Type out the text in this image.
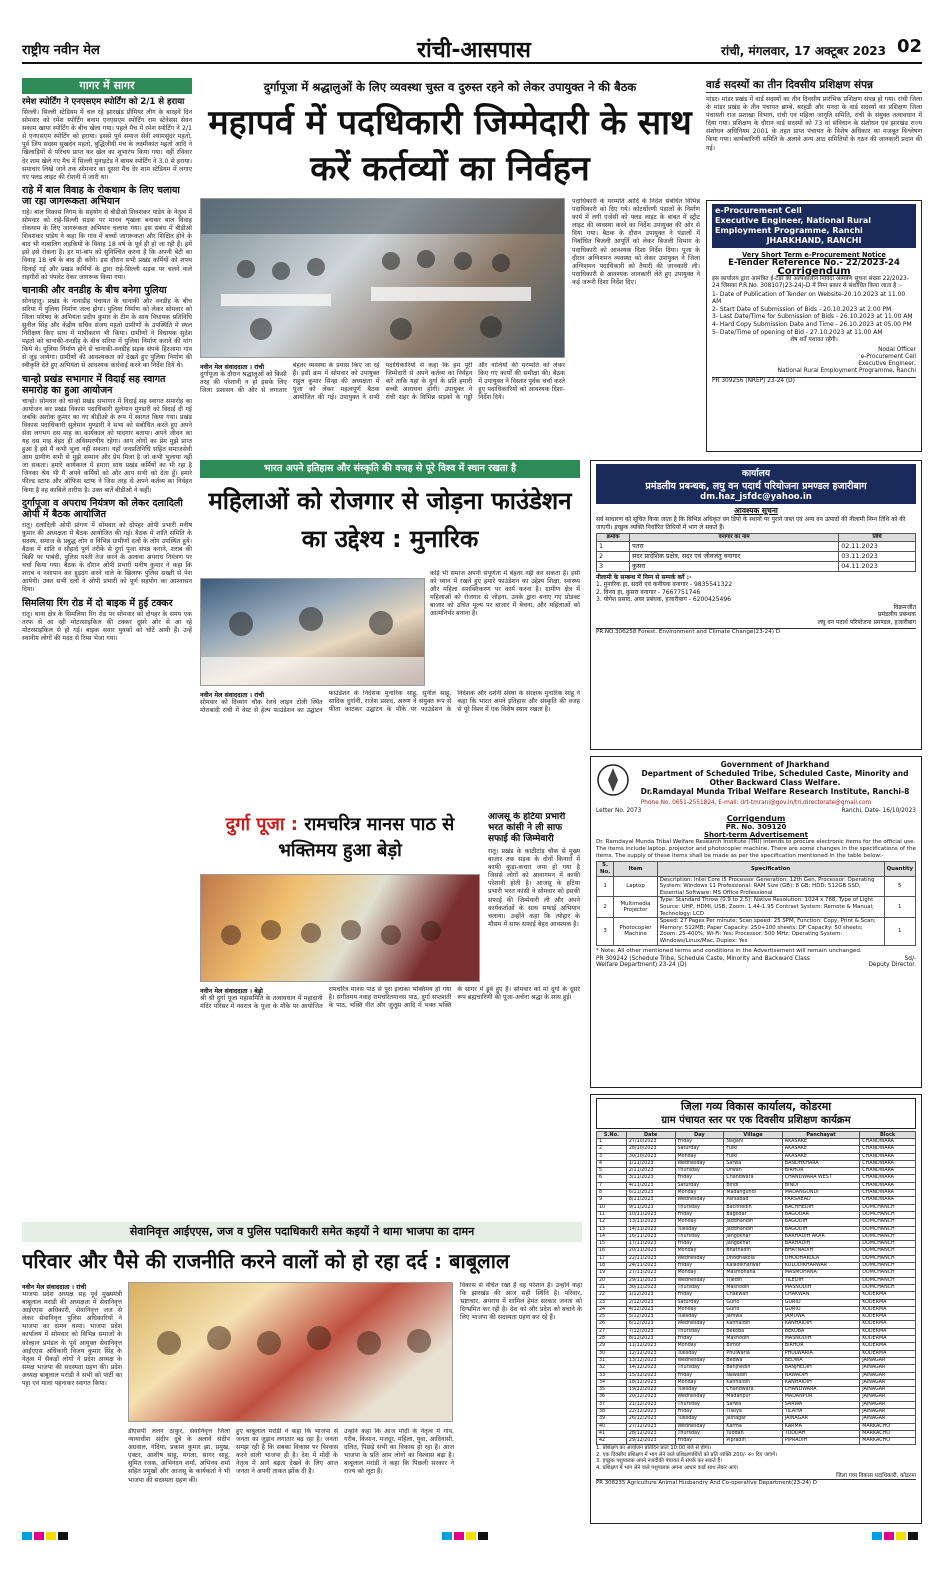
राष्ट्रीय नवीन मेल	रांची-आसपास	रांची, मंगलवार, 17 अक्टूबर 2023 02
गागर में सागर
रमेश स्पोर्टिंग ने एनएसएम स्पोर्टिंग को 2/1 से हराया
सिल्ली। सिल्ली स्टेडियम में चल रहे झारखंड प्रीमियर लीग के बारहवें दिन सोमवार को रमेश स्पोर्टिंग बनाम एनएसएम स्पोर्टिंग राम स्टेनेसस सेवन सकाम खाया स्पोर्टिंग के बीच खेला गया। पहले मैच में रमेश स्पोर्टिंग ने 2/1 से एनएसएम स्पोर्टिंग को हराया। इससे पूर्व समाज सेवी श्यामसुंदर महतो, पूर्व जिप सदस्य सुखदेव महतो, बुद्धिजीवी मंच के लक्ष्मीकांत महतो आदि ने खिलाड़ियों से परिचय प्राप्त कर खेल का शुभारंभ किया गया। वहीं रविवार देर शाम खेले गए मैच में सिल्ली युनाइटेड ने बायब स्पोर्टिंग ने 3.0 से हराया। समाचार लिखे जाने तक सोमवार का दूसरा मैच देर शाम स्टेडियम में लगाए गए फ्लड लाइट की रोशनी में जारी था।
राहे में बाल विवाह के रोकथाम के लिए चलाया जा रहा जागरूकता अभियान
राहे। बाल विकास निगम के सहयोग से बीडीओ शिवशंकर पांडेय के नेतृत्व में सोमवार को राहे-सिल्ली सड़क पर मानव शृंखला बनाकर बाल विवाह रोकथाम के लिए जागरूकता अभियान चलाया गया। इस संबंध में बीडीओ शिवशंकर पांडेय ने कहा कि गांव में बच्चों जागरूकता और शिक्षित होने के बाद भी नाबालिग लड़कियों के विवाह 18 वर्ष के पूर्व ही हो जा रही हैं। हमें इसे इसे रोकना है। हर मां-बाप को सुनिश्चित करना है कि अपनी बेटी का विवाह 18 वर्ष के बाद ही करेंगे। इस दौरान सभी प्रखंड कर्मियों को शपथ दिलाई गई और प्रखंड कर्मियों के द्वारा राहे-सिल्ली सड़क पर चलने वाले राहगीरों को पंपलेट देकर जागरूक किया गया।
चानाकी और वनडीह के बीच बनेगा पुलिया
सोनाहातू। प्रखंड के नावाडीह पंचायत के चानाकी और वनडीह के बीच सरिया में पुलिया निर्माण जल्द होगा। पुलिया निर्माण को लेकर सोमवार को जिला परिषद के अभियंता प्रदीप कुमार के टीम के साथ विधायक प्रतिनिधि सुनील सिंह और केंद्रीय सचिव संजय महतो ग्रामीणों के उपस्थिति में स्थल निरीक्षण किए साथ में मापीकरण भी किया। ग्रामीणों ने विधायक सुदेश महतो को चानाकी-वनडीह के बीच सरिया में पुलिया निर्माण कराने की मांग किये थे। पुलिया निर्माण होने से चानाकी-वनडीह सड़क संपर्क हिरजामा गांव से जुड़ जायेगा। ग्रामीणों की आवश्यकता को देखते हुए पुलिया निर्माण की स्वीकृति देते हुए अभियंता से आवश्यक कार्रवाई करने का निर्देश दिये थे।
चान्हो प्रखंड सभागार में विदाई सह स्वागत समारोह का हुआ आयोजन
चान्हो। सोमवार को चान्हो प्रखंड सभागार में विदाई सह स्वागत समारोह का आयोजन कर प्रखंड विकास पदाधिकारी सुलेमान मुण्डारी को विदाई दी गई जबकि अशोक कुमार का नए बीडीओ के रूप में स्वागत किया गया। प्रखंड विकास पदाधिकारी सुलेमान मुण्डारी ने सभा को संबोधित करते हुए अपने सेवा लगभग दस माह का कार्यकाल को यादगार बताया। अपने जीवन का यह दस माह बेहद ही अविस्मरणीय रहेगा। आप लोगों का प्रेम मुझे प्राप्त हुआ है इसे मैं कभी भुला नहीं सकता। यहाँ जनप्रतिनिधि सहित समाजसेवी आम ग्रामीण सभी से मुझे सम्मान और प्रेम मिला है जो कभी भुलाया नहीं जा सकता। हमारे कार्यकाल में हमारा साथ प्रखंड कर्मियों का भी रहा है जिनका श्रेय भी मैं अपने कर्मियों को और आप सभी को देता हूँ। हमारे फील्ड स्टाफ और ऑफिस स्टाफ ने जिस तरह से अपने कर्तव्य का निर्वहन किया है वह काबिले तारीफ है। उक्त बातें बीडीओ ने कहीं।
दुर्गापूजा व अपराध नियंत्रण को लेकर दलादिली ओपी में बैठक आयोजित
रातू। दलादिली ओपी प्रांगण में सोमवार को दोपहर ओपी प्रभारी मनीष कुमार की अध्यक्षता में बैठक आयोजित की गई। बैठक में शांति समिति के सदस्य, समाज के प्रबुद्ध लोग व विभिन्न ग्रामीणों दलों के लोग उपस्थित हुये। बैठक में शांति व सौहार्द पूर्ण तरीके से दुर्गा पूजा संपन्न कराने, शराब की बिक्री पर पाबंदी, पुलिस गश्ती तेज करने के अलावा अपराध नियंत्रण पर चर्चा किया गया। बैठक के दौरान ओपी प्रभारी मनीष कुमार ने कहा कि शराब व नशापान कर हुड़दंग करने वाले के खिलाफ पुलिस सख्ती से पेश आयेगी। उक्त सभी दलों ने ओपी प्रभारी को पूर्ण सहयोग का आश्वासन दिया।
सिमलिया रिंग रोड में दो बाइक में हुई टक्कर
रातू। थाना क्षेत्र के सिमलिया रिंग रोड पर सोमवार को दोपहर के समय एक तरफ से आ रही मोटरसाइकिल की टक्कर दूसरे ओर से आ रहे मोटरसाइकिल से हो गई। बाइक सवार युवकों को चोटें आयी हैं। उन्हें स्थानीय लोगों की मदद से रिम्स भेजा गया।
दुर्गापूजा में श्रद्धालुओं के लिए व्यवस्था चुस्त व दुरुस्त रहने को लेकर उपायुक्त ने की बैठक
महापर्व में पदधिकारी जिम्मेदारी के साथ करें कर्तव्यों का निर्वहन
पदाधिकारी के मरम्मति आदि के निर्देश संबंधित विभिन्न पदाधिकारी को दिए गये। कोटर्धोरणी पंडालों के निर्माण कार्य में लगी एजेंसी को फ्लड लाइट के बाबत में स्ट्रीट लाइट की व्यवस्था करने का निर्देश उपायुक्त की ओर से दिया गया। बैठक के दौरान उपायुक्त ने पंडालों में निर्बाधित बिजली आपूर्ति को लेकर बिजली विभाग के पदाधिकारी को आवश्यक दिशा निर्देश दिया। पूजा के दौरान अग्निशमन व्यवस्था को लेकर उपायुक्त ने जिला अग्निशमन पदाधिकारी को तैयारी की जानकारी ली। पदाधिकारी से आवश्यक जानकारी लेते हुए उपायुक्त ने कई जरूरी दिशा निर्देश दिए।
नवीन मेल संवाददाता । रांची
दुर्गापूजा के दौरान श्रद्धालुओं को किसी तरह की परेशानी न हो इसके लिए जिला प्रशासन की ओर से लगातार बेहतर व्यवस्था के प्रयास किए जा रहे हैं। इसी क्रम में सोमवार को उपायुक्त राहुल कुमार सिन्हा की अध्यक्षता में पूजा को लेकर महत्वपूर्ण बैठक आयोजित की गई। उपायुक्त ने सभी पदाधिकारियों से कहा कि हम पूरी जिम्मेदारी से अपने कर्तव्य का निर्वहन करें ताकि यहां के दुर्गा के प्रति हमारी सच्ची आराधना होगी। उपायुक्त ने रांची शहर के विभिन्न सड़कों के गड्ढों और नालियों की मरम्मति को लेकर किए गए कार्यों की समीक्षा की। बैठक में उपायुक्त ने विस्तार पूर्वक चर्चा करते हुए पदाधिकारियों को आवश्यक दिशा-निर्देश दिये।
भारत अपने इतिहास और संस्कृति की वजह से पूरे विश्व में स्थान रखता है
महिलाओं को रोजगार से जोड़ना फाउंडेशन का उद्देश्य : मुनारिक
कोई भी समाज अपनी संपूर्णता में बेहतर नहीं कर सकता है। इसी को ध्यान में रखते हुए हमारे फाउंडेशन का उद्देश्य शिक्षा, स्वास्थ्य और महिला सशक्तिकरण पर कार्य करना है। ग्रामीण क्षेत्र में महिलाओं को रोजगार से जोड़ना, उनके द्वारा बनाए गए प्रोडक्ट बाजार को उचित मूल्य पर बाजार में बेचना, और महिलाओं को आत्मनिर्भर बनाना है।
नवीन मेल संवाददाता । रांची
सोमवार को दिव्यांग चौक रेलवे लाइन टोली स्थित मोराबादी रांची में वेस्ट से हेल्प फाउंडेशन का उद्घाटन फाउंडेशन के निदेशक मुनारिक साहू, सुनील साहू, सादिक दुर्गानी, राजेश प्रसाद, अरुण ने संयुक्त रूप से फीता काटकर उद्घाटन के मौके पर फाउंडेशन के निदेशक और दर्शनी संस्था के संरक्षक मुनारिक साहू ने कहा कि भारत अपने इतिहास और संस्कृति की वजह से पूरे विश्व में एक विशेष स्थान रखता है।
दुर्गा पूजा : रामचरित्र मानस पाठ से भक्तिमय हुआ बेड़ो
नवीन मेल संवाददाता । बेड़ो
श्री श्री दुर्गा पूजा महासमिति के तत्वावधान में महादानी मंदिर परिसर में नवरात्र के पूजा के मौके पर आयोजित रामचरित्र मानस पाठ से पूरा इलाका भक्तिमय हो गया है। संगीतमय नवाह रामचरितमानस पाठ, दुर्गा सप्तशती के पाठ, भक्ति गीत और जुलूस आदि में भक्त भक्ति के सागर में डूबे हुए हैं। सोमवार को मां दुर्गा के दूसरे रूप ब्रह्मचारिणी की पूजा-अर्चना श्रद्धा के साथ हुई।
आजसू के हटिया प्रभारी भरत कांसी ने ली साफ सफाई की जिम्मेवारी
रातू। प्रखंड के काठीटांड़ चौक से मुख्य बाजार तक सड़क के दोनों किनारों में काफी कूड़ा-कचरा जमा हो गया है जिससे लोगों को आवागमन में काफी परेशानी होती है। आजसू के हटिया प्रभारी भरत कांसी ने सोमवार को इसकी सफाई की जिम्मेवारी ली और अपने कार्यकर्ताओं के साथ सफाई अभियान चलाया। उन्होंने कहा कि त्योहार के मौसम में साफ सफाई बेहद आवश्यक है।
सेवानिवृत्त आईएएस, जज व पुलिस पदाधिकारी समेत कइयों ने थामा भाजपा का दामन
परिवार और पैसे की राजनीति करने वालों को हो रहा दर्द : बाबूलाल
नवीन मेल संवाददाता । रांची
भाजपा प्रदेश अध्यक्ष सह पूर्व मुख्यमंत्री बाबूलाल मरांडी की अध्यक्षता में सेवानिवृत्त आईएएस अधिकारी, सेवानिवृत्त जज से लेकर सेवानिवृत्त पुलिस अधिकारियों ने भाजपा का दामन थामा। भाजपा प्रदेश कार्यालय में सोमवार को विभिन्न समाजों के कोल्हान प्रमंडल के पूर्व आयुक्त सेवानिवृत्त आईएएस अधिकारी विजय कुमार सिंह के नेतृत्व में सैकड़ों लोगों ने प्रदेश अध्यक्ष के समक्ष भाजपा की सदस्यता ग्रहण की। प्रदेश अध्यक्ष बाबूलाल मरांडी ने सभी को पार्टी का पट्टा एवं माला पहनाकर स्वागत किया।
डीएसपी ललन ठाकुर, सेवानिवृत्त जिला न्यायाधीश संदीप दुबे के अलावे संदीप अग्रवाल, गंदिया, प्रकाश कुमार झा, प्रमुख, एक्टर, आशीष साहू, मंगला, सागर साहू, सुमित रजक, अभिनंदन शर्मा, अभिनव शर्मा सहित प्रमुखों और आजसू के कार्यकर्ता ने भी भाजपा की सदस्यता ग्रहण की।
हुए बाबूलाल मरांडी ने कहा कि भाजपा से जनता का जुड़ाव लगातार बढ़ रहा है। जनता समझ रही है कि सबका विकास पर विश्वास करने वाली भाजपा ही है। देश में मोदी के नेतृत्व में आगे बढ़ता देखने के लिए आज जनता ने अपनी ताकत झोंक दी है।
उन्होंने कहा कि आज मोदी के नेतृत्व में गांव, गरीब, किसान, मजदूर, महिला, युवा, आदिवासी, दलित, पिछड़े सभी का विकास हो रहा है। आज भाजपा के प्रति आम लोगों का विश्वास बढ़ा है। बाबूलाल मरांडी ने कहा कि पिछली सरकार ने राज्य को लूटा है।
विकास से वंचित रखा है वह परेशान है। उन्होंने कहा कि झारखंड की आज सही स्थिति है। परिवार, भ्रष्टाचार, अपराध में शामिल हेमंत सरकार जनता को दिग्भ्रमित कर रही है। देश को और प्रदेश को बचाने के लिए भाजपा की सदस्यता ग्रहण कर रहे हैं।
वार्ड सदस्यों का तीन दिवसीय प्रशिक्षण संपन्न
मांडर। मांडर प्रखंड में वार्ड सदस्यों का तीन दिवसीय प्रारंभिक प्रशिक्षण संपन्न हो गया। रांची जिला के मांडर प्रखंड के तीन पंचायत ब्राम्बे, बरहडी और मनदा के वार्ड सदस्यों का प्रशिक्षण जिला पंचायती राज प्रशाखा विभाग, रांची एवं महिला जागृति समिति, रांची के संयुक्त तत्वावधान में दिया गया। प्रशिक्षण के दौरान वार्ड सदस्यों को 73 वां संविधान के संशोधन एवं झारखंड राज्य संशोधन अधिनियम 2001 के तहत प्राप्त पंचायत के विशेष अधिकार का मजबूत विश्लेषण किया गया। कार्यकारिणी समिति के अलावे अन्य आठ समितियों के गठन की जानकारी प्रदान की गई।
e-Procurement Cell
Executive Engineer, National Rural Employment Programme, Ranchi
JHARKHAND, RANCHI
Very Short Term e-Procurement Notice
E-Tender Reference No.- 22/2023-24
Corrigendum
इस कार्यालय द्वारा आमंत्रित ई-टेंडर की अल्पकालीन निविदा आमंत्रण सूचना संख्या 22/2023-24 जिसका P.R.No. 308107(23-24)-D में निम्न प्रकार से संशोधित किया जाता है :-
1- Date of Publication of Tender on Website-20.10.2023 at 11.00 AM
2- Start Date of Submission of Bids - 20.10.2023 at 2.00 PM
3- Last Date/Time for Submission of Bids - 26.10.2023 at 11.00 AM
4- Hard Copy Submission Date and Time - 26.10.2023 at 05.00 PM
5- Date/Time of opening of Bid - 27.10.2023 at 11.00 AM
शेष शर्तें यथावत रहेंगी।
Nodal Officer
e-Procurement Cell
Executive Engineer,
National Rural Employment Programme, Ranchi
PR 309256 (NREP) 23-24 (D)
कार्यालय
प्रमंडलीय प्रबन्धक, लघु वन पदार्थ परियोजना प्रमण्डल हजारीबाग
dm.haz_jsfdc@yahoo.in
आवश्यक सूचना
सर्व साधारण को सूचित किया जाता है कि विभिन्न अधिकृत वन डिपो के स्थानों पर पुराने जब्त एवं अन्य वन उत्पादों की नीलामी निम्न तिथि को की जाएगी। इच्छुक व्यक्ति निर्धारित तिथियों में भाग ले सकते हैं।
क्रमांक	वनागार का नाम	तिथि
1	पतरा	02.11.2023
2	सदर प्रादेशिक प्रक्षेत्र, सदर एवं जीवजंतु वनागार	03.11.2023
3	कुसरा	04.11.2023
नीलामी के सम्बन्ध में निम्न से सम्पर्क करें :-
1. मुनारिक हा, सदरी एवं कनीयक वनागार - 9835541322
2. विनय हा, कुसरा वनागार - 7667751746
3. योगेश प्रसाद, अवर प्रबंधक, हजारीबाग - 6200425496
विक्रमजीत
प्रमंडलीय प्रबन्धक
लघु वन पदार्थ परियोजना प्रमण्डल, हजारीबाग
PR.NO.306258 Forest, Environment and Climate Change(23-24) D
Government of Jharkhand
Department of Scheduled Tribe, Scheduled Caste, Minority and Other Backward Class Welfare.
Dr.Ramdayal Munda Tribal Welfare Research Institute, Ranchi-8
Phone No. 0651-2551824, E-mail: drt-tmrani@gov.in/tri.directorate@gmail.com
Letter No. 2073	Ranchi, Date- 16/10/2023
Corrigendum
PR. No. 309120
Short-term Advertisement
Dr. Ramdayal Munda Tribal Welfare Research Institute (TRI) intends to procure electronic items for the official use. The items include laptop, projector and photocopier machine. There are some changes in the specifications of the items. The supply of these items shall be made as per the specification mentioned in the table below:-
S. No.	Item	Specification	Quantity
1	Laptop	Description: Intel Core i5 Processor Generation: 12th Gen, Processor: Operating System: Windows 11 Professional: RAM Size (GB): 8 GB; HDD: 512GB SSD, Essential Software: MS Office Professional	5
2	Multimedia Projector	Type: Standard Throw (0.9 to 2.5); Native Resolution: 1024 x 768, Type of Light Source: UHP, HDMI, USB; Zoom: 1.44-1.95 Contrast System: Remote & Manual; Technology: LCD	1
3	Photocopier Machine	Speed: 27 Pages Per minute; Scan speed: 25 SPM, Function: Copy, Print & Scan; Memory: 512MB; Paper Capacity: 250+100 sheets; DF Capacity: 50 sheets; Zoom: 25-400%; Wi-Fi: Yes; Processor: 500 MHz; Operating System: Windows/Linux/Mac, Duplex: Yes	1
* Note: All other mentioned terms and conditions in the Advertisement will remain unchanged.
PR 309242 (Schedule Tribe, Schedule Caste, Minority and Backward Class Welfare Department) 23-24 (D)
Sd/-
Deputy Director.
जिला गव्य विकास कार्यालय, कोडरमा
ग्राम पंचायत स्तर पर एक दिवसीय प्रशिक्षण कार्यक्रम
S.No.	Date	Day	Village	Panchayat	Block
1	27/10/2023	Friday	Nagani	AKASAKE	CHANDWARA
2	28/10/2023	Saturday	Fulki	AKASAKE	CHANDWARA
3	30/10/2023	Monday	Fulki	AKASAKE	CHANDWARA
4	1/11/2023	Wednesday	Sarwa	BANDHKHARA	CHANDWARA
5	2/11/2023	Thursday	Urwan	BIRHOR	CHANDWARA
6	3/11/2023	Friday	Chandwara	CHANDWARA WEST	CHANDWARA
7	4/11/2023	Saturday	Bindi	BINDI	CHANDWARA
8	6/11/2023	Monday	Madangundi	MADANGUNDI	CHANDWARA
9	8/11/2023	Wednesday	Parsabad	PARSABAD	CHANDWARA
10	9/11/2023	Thursday	Bachhedih	BACHHEDIH	DOMCHANCH
11	10/11/2023	Friday	Bagodar	BAGODAR	DOMCHANCH
12	13/11/2023	Monday	Jaddhandih	BAGODIH	DOMCHANCH
13	14/11/2023	Tuesday	Jaddhandih	BAGODIH	DOMCHANCH
14	16/11/2023	Thursday	Jangokhar	BARHADIH AKAR	DOMCHANCH
15	17/11/2023	Friday	Jangokhar	BARHADIH	DOMCHANCH
16	20/11/2023	Monday	Bhatnadih	BHATNADIH	DOMCHANCH
17	22/11/2023	Wednesday	Dhodhakola	DHODHAKOLA	DOMCHANCH
18	24/11/2023	Friday	Kaladikharwar	KOLODIKHARWAR	DOMCHANCH
19	27/11/2023	Monday	Masmohana	MASMOHANA	DOMCHANCH
20	29/11/2023	Wednesday	Tiledih	TILEDIH	DOMCHANCH
21	30/11/2023	Thursday	Masnodih	MASNODIH	DOMCHANCH
22	1/12/2023	Friday	Chakwan	CHAKWAN	KODERMA
23	2/12/2023	Saturday	Gurio	GURIO	KODERMA
24	4/12/2023	Monday	Gurio	GURIO	KODERMA
25	5/12/2023	Tuesday	Jamwa	JAMUWA	KODERMA
26	6/12/2023	Wednesday	Kanhaidih	KANHAIDIH	KODERMA
27	7/12/2023	Thursday	Bekoba	BEKOBA	KODERMA
28	8/12/2023	Friday	Masnodih	MASNODIH	KODERMA
29	11/12/2023	Monday	Birhor	BIRHOR	KODERMA
30	12/12/2023	Tuesday	Phulwaria	PHULWARIA	KODERMA
31	13/12/2023	Wednesday	Bedwa	BEDWA	JAINAGAR
32	14/12/2023	Thursday	Banjhedih	BANJHEDIH	JAINAGAR
33	15/12/2023	Friday	Nawadih	NAWADIH	JAINAGAR
34	18/12/2023	Monday	Kanhaidih	KANHAIDIH	JAINAGAR
35	19/12/2023	Tuesday	Chandwara	CHANDWARA	JAINAGAR
36	20/12/2023	Wednesday	Madanpur	MADANPUR	JAINAGAR
37	21/12/2023	Thursday	Sarwa	SARWA	JAINAGAR
38	22/12/2023	Friday	Tilaiya	TILAIYA	JAINAGAR
39	26/12/2023	Tuesday	Jainagar	JAINAGAR	JAINAGAR
40	27/12/2023	Wednesday	Karma	KARMA	MARKACHO
41	28/12/2023	Thursday	Tuddah	TUDDAH	MARKACHO
42	29/12/2023	Friday	Pipradih	PIPRADIH	MARKACHO
1. प्रशिक्षण का आयोजन प्रतिदिन प्रातः 10:00 बजे से होगा।
2. एक दिवसीय प्रशिक्षण में भाग लेने वाले प्रशिक्षणार्थियों को प्रति व्यक्ति 200/- रु० दिए जाएंगे।
3. इच्छुक पशुपालक अपने नजदीकी पंचायत में संपर्क कर सकते हैं।
4. प्रशिक्षण में भाग लेने वाले पशुपालक अपना आधार कार्ड साथ लेकर आएं।
जिला गव्य विकास पदाधिकारी, कोडरमा
PR 308235 Agriculture Animal Husbandry And Co-operative Department(23-24) D
